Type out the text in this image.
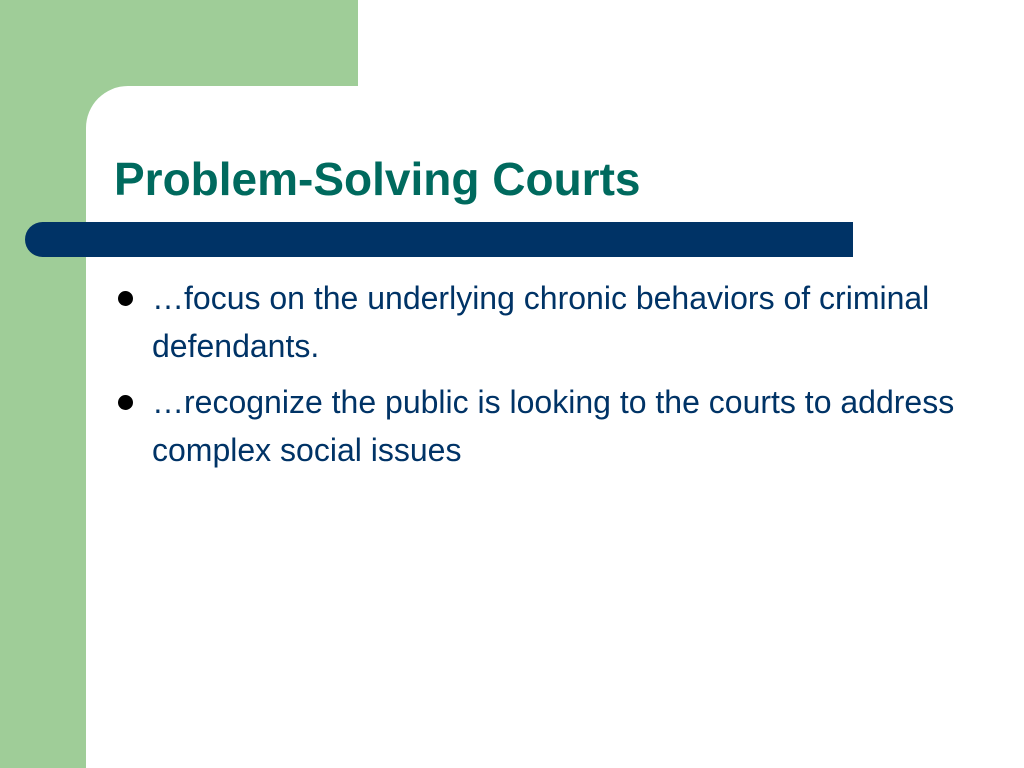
Problem-Solving Courts
…focus on the underlying chronic behaviors of criminal defendants.
…recognize the public is looking to the courts to address complex social issues
